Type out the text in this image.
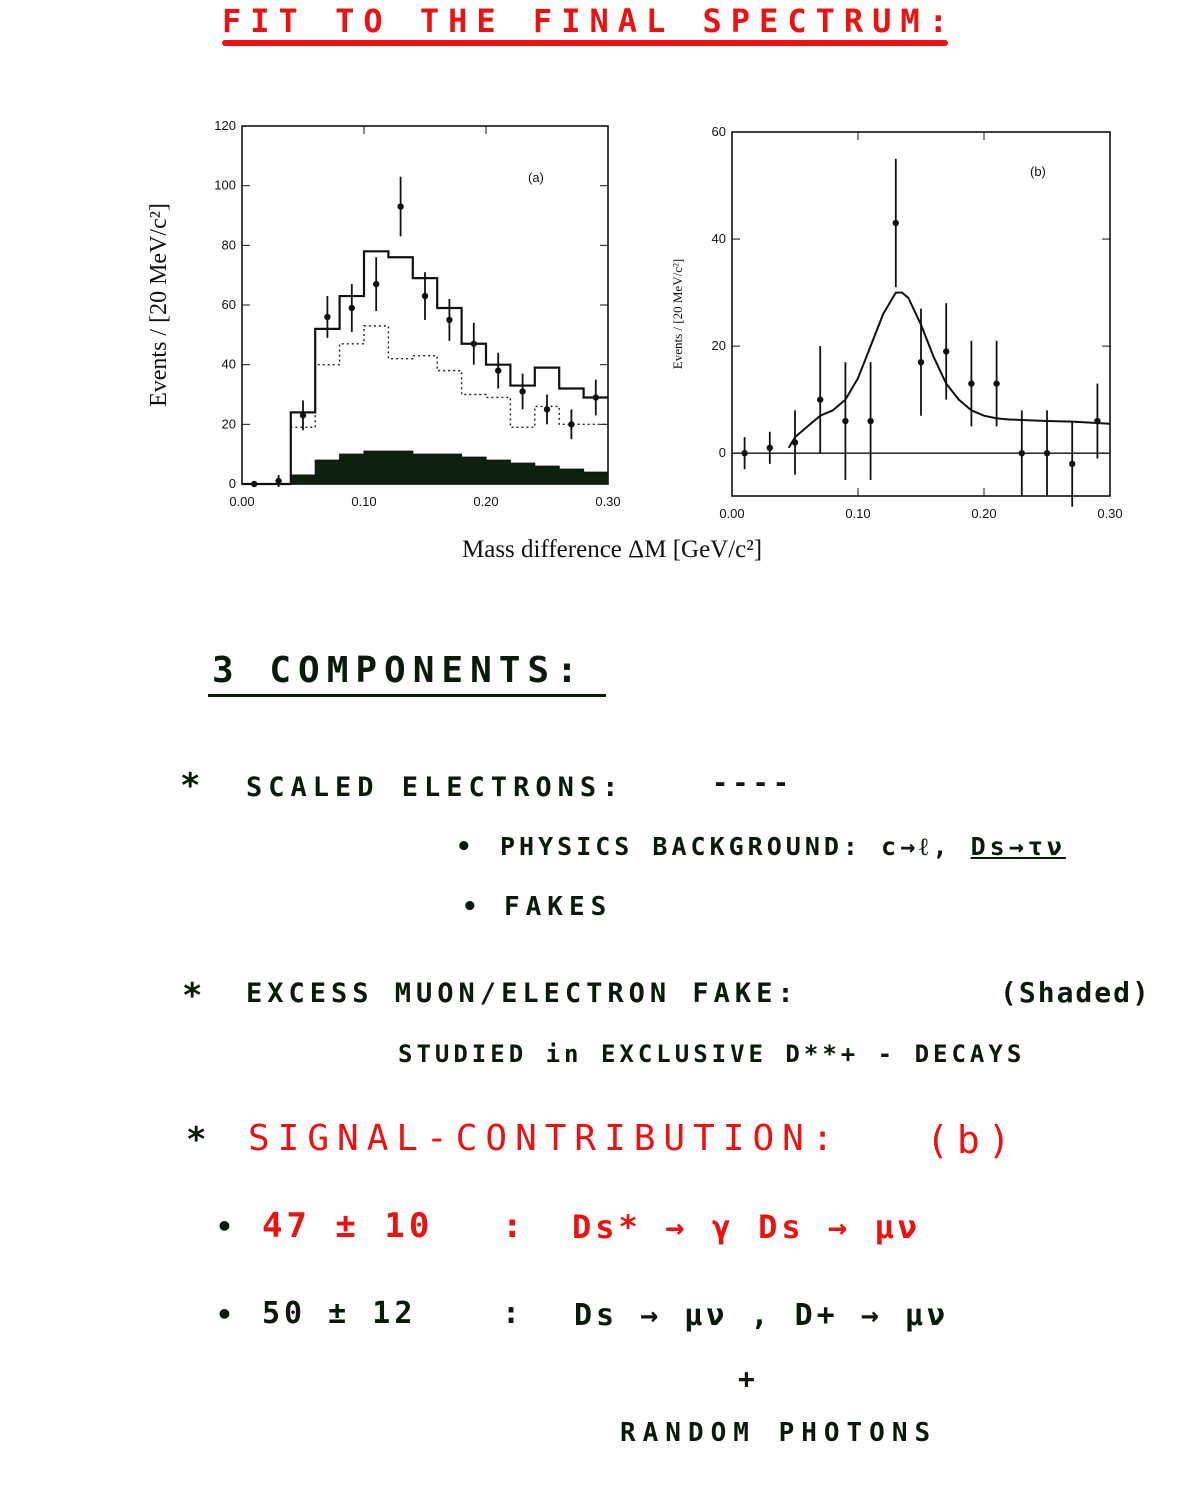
FIT TO THE FINAL SPECTRUM:
0.00	0.10	0.20	0.30
0
20
40
60
80
100
120
Events / [20 MeV/c²]
(a)
0.00	0.10	0.20	0.30
0
20
40
60
Events / [20 MeV/c²]
(b)
Mass difference ΔM [GeV/c²]
3 COMPONENTS:
* SCALED ELECTRONS:	----
• PHYSICS BACKGROUND: c→ℓ, Ds→τν
• FAKES
* EXCESS MUON/ELECTRON FAKE:	(Shaded)
STUDIED in EXCLUSIVE D**+ - DECAYS
* SIGNAL-CONTRIBUTION: (b)
• 47 ± 10 : Ds* → γ Ds → μν
• 50 ± 12	: Ds → μν , D+ → μν
+
RANDOM PHOTONS
